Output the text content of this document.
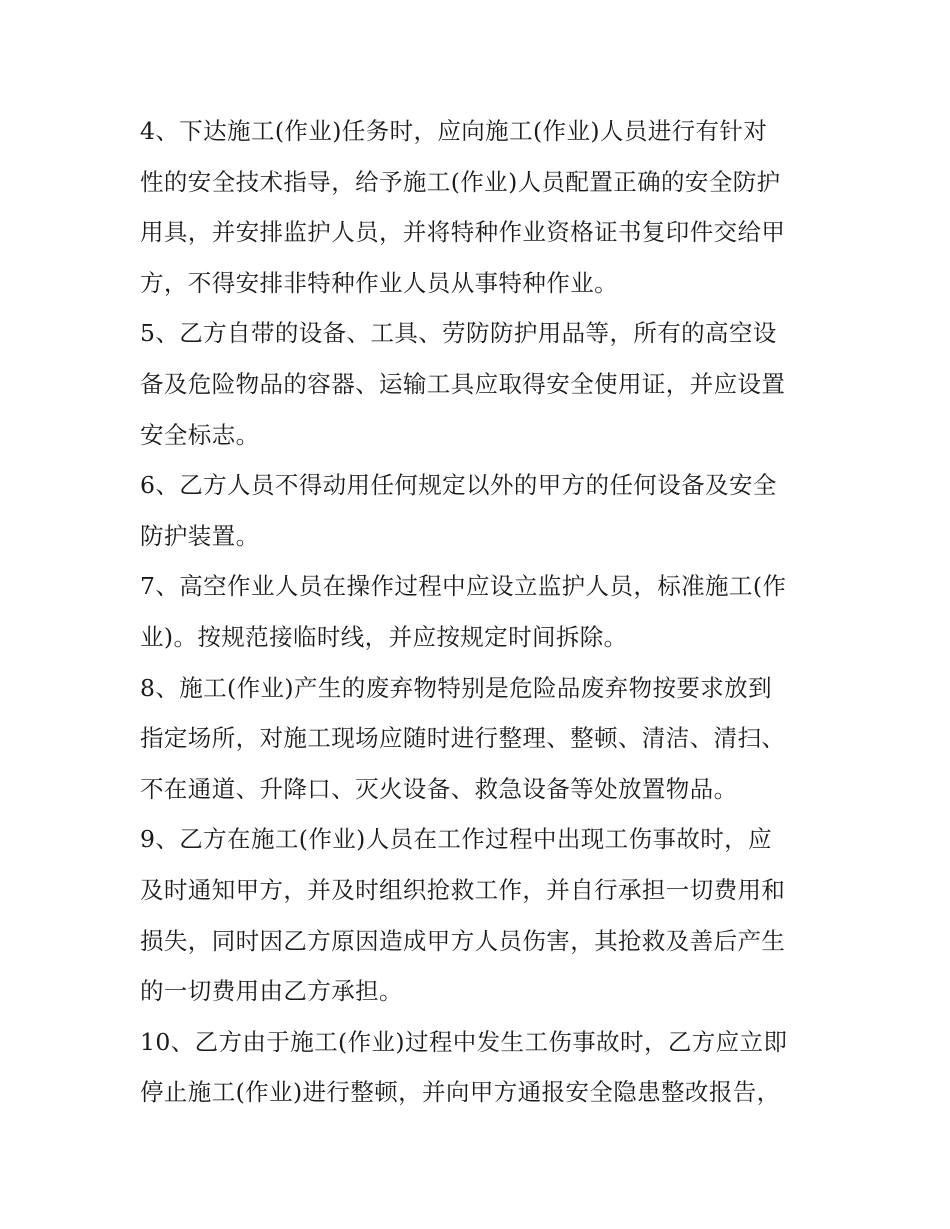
4、下达施工(作业)任务时，应向施工(作业)人员进行有针对
性的安全技术指导，给予施工(作业)人员配置正确的安全防护
用具，并安排监护人员，并将特种作业资格证书复印件交给甲
方，不得安排非特种作业人员从事特种作业。
5、乙方自带的设备、工具、劳防防护用品等，所有的高空设
备及危险物品的容器、运输工具应取得安全使用证，并应设置
安全标志。
6、乙方人员不得动用任何规定以外的甲方的任何设备及安全
防护装置。
7、高空作业人员在操作过程中应设立监护人员，标准施工(作
业)。按规范接临时线，并应按规定时间拆除。
8、施工(作业)产生的废弃物特别是危险品废弃物按要求放到
指定场所，对施工现场应随时进行整理、整顿、清洁、清扫、
不在通道、升降口、灭火设备、救急设备等处放置物品。
9、乙方在施工(作业)人员在工作过程中出现工伤事故时，应
及时通知甲方，并及时组织抢救工作，并自行承担一切费用和
损失，同时因乙方原因造成甲方人员伤害，其抢救及善后产生
的一切费用由乙方承担。
10、乙方由于施工(作业)过程中发生工伤事故时，乙方应立即
停止施工(作业)进行整顿，并向甲方通报安全隐患整改报告，
